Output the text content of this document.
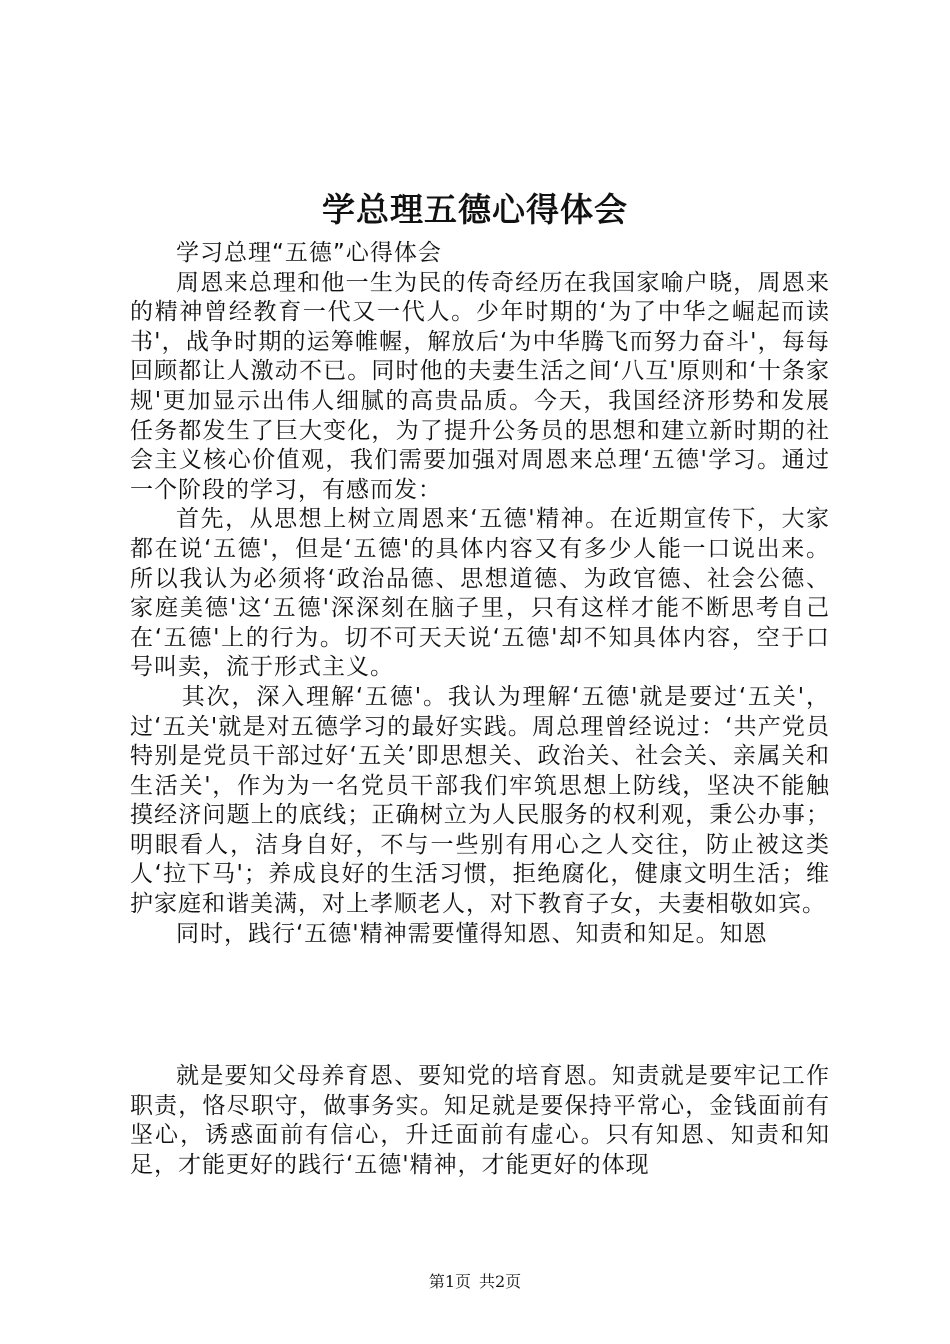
学总理五德心得体会

学习总理“五德”心得体会

周恩来总理和他一生为民的传奇经历在我国家喻户晓，周恩来的精神曾经教育一代又一代人。少年时期的‘为了中华之崛起而读书'，战争时期的运筹帷幄，解放后‘为中华腾飞而努力奋斗'，每每回顾都让人激动不已。同时他的夫妻生活之间‘八互'原则和‘十条家规'更加显示出伟人细腻的高贵品质。今天，我国经济形势和发展任务都发生了巨大变化，为了提升公务员的思想和建立新时期的社会主义核心价值观，我们需要加强对周恩来总理‘五德'学习。通过一个阶段的学习，有感而发：

首先，从思想上树立周恩来‘五德'精神。在近期宣传下，大家都在说‘五德'，但是‘五德'的具体内容又有多少人能一口说出来。所以我认为必须将‘政治品德、思想道德、为政官德、社会公德、家庭美德'这‘五德'深深刻在脑子里，只有这样才能不断思考自己在‘五德'上的行为。切不可天天说‘五德'却不知具体内容，空于口号叫卖，流于形式主义。

其次，深入理解‘五德'。我认为理解‘五德'就是要过‘五关'，过‘五关'就是对五德学习的最好实践。周总理曾经说过：‘共产党员特别是党员干部过好‘五关’即思想关、政治关、社会关、亲属关和生活关'，作为为一名党员干部我们牢筑思想上防线，坚决不能触摸经济问题上的底线；正确树立为人民服务的权利观，秉公办事；明眼看人，洁身自好，不与一些别有用心之人交往，防止被这类人‘拉下马'；养成良好的生活习惯，拒绝腐化，健康文明生活；维护家庭和谐美满，对上孝顺老人，对下教育子女，夫妻相敬如宾。

同时，践行‘五德'精神需要懂得知恩、知责和知足。知恩

就是要知父母养育恩、要知党的培育恩。知责就是要牢记工作职责，恪尽职守，做事务实。知足就是要保持平常心，金钱面前有坚心，诱惑面前有信心，升迁面前有虚心。只有知恩、知责和知足，才能更好的践行‘五德'精神，才能更好的体现

第1页 共2页
